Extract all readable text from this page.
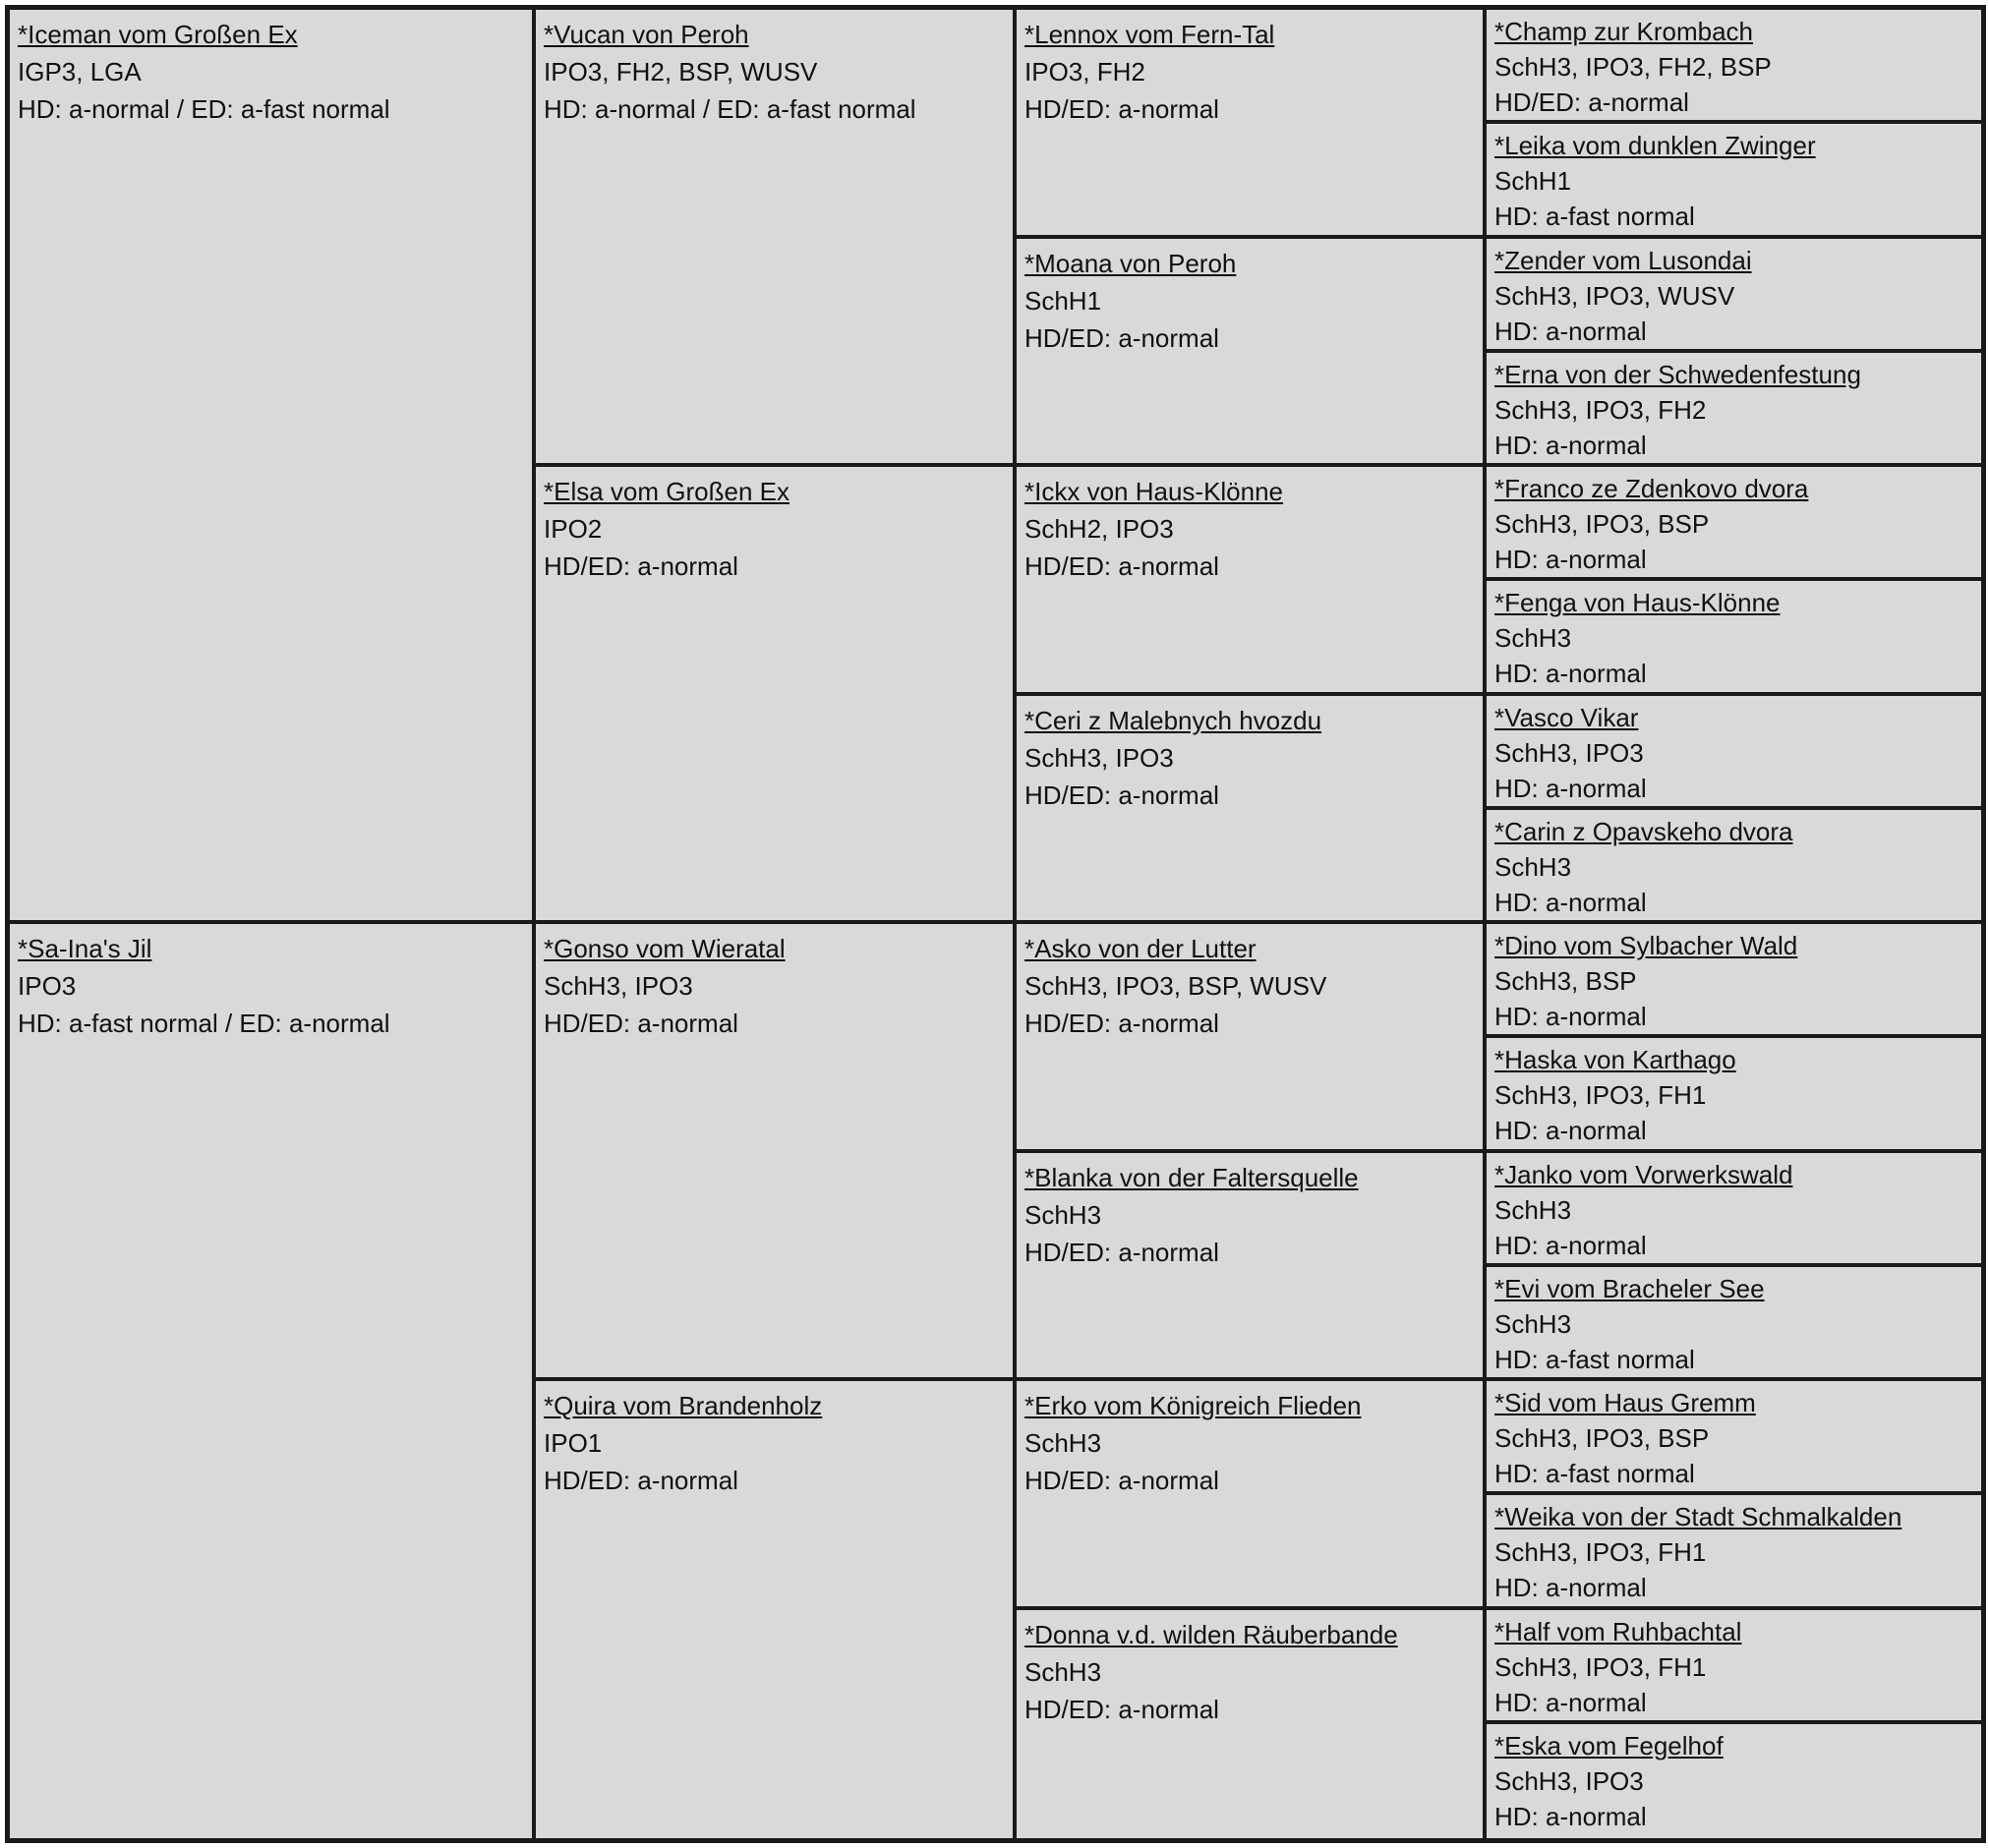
*Iceman vom Großen Ex
IGP3, LGA
HD: a-normal / ED: a-fast normal
*Sa-Ina's Jil
IPO3
HD: a-fast normal / ED: a-normal
*Vucan von Peroh
IPO3, FH2, BSP, WUSV
HD: a-normal / ED: a-fast normal
*Elsa vom Großen Ex
IPO2
HD/ED: a-normal
*Gonso vom Wieratal
SchH3, IPO3
HD/ED: a-normal
*Quira vom Brandenholz
IPO1
HD/ED: a-normal
*Lennox vom Fern-Tal
IPO3, FH2
HD/ED: a-normal
*Moana von Peroh
SchH1
HD/ED: a-normal
*Ickx von Haus-Klönne
SchH2, IPO3
HD/ED: a-normal
*Ceri z Malebnych hvozdu
SchH3, IPO3
HD/ED: a-normal
*Asko von der Lutter
SchH3, IPO3, BSP, WUSV
HD/ED: a-normal
*Blanka von der Faltersquelle
SchH3
HD/ED: a-normal
*Erko vom Königreich Flieden
SchH3
HD/ED: a-normal
*Donna v.d. wilden Räuberbande
SchH3
HD/ED: a-normal
*Champ zur Krombach
SchH3, IPO3, FH2, BSP
HD/ED: a-normal
*Leika vom dunklen Zwinger
SchH1
HD: a-fast normal
*Zender vom Lusondai
SchH3, IPO3, WUSV
HD: a-normal
*Erna von der Schwedenfestung
SchH3, IPO3, FH2
HD: a-normal
*Franco ze Zdenkovo dvora
SchH3, IPO3, BSP
HD: a-normal
*Fenga von Haus-Klönne
SchH3
HD: a-normal
*Vasco Vikar
SchH3, IPO3
HD: a-normal
*Carin z Opavskeho dvora
SchH3
HD: a-normal
*Dino vom Sylbacher Wald
SchH3, BSP
HD: a-normal
*Haska von Karthago
SchH3, IPO3, FH1
HD: a-normal
*Janko vom Vorwerkswald
SchH3
HD: a-normal
*Evi vom Bracheler See
SchH3
HD: a-fast normal
*Sid vom Haus Gremm
SchH3, IPO3, BSP
HD: a-fast normal
*Weika von der Stadt Schmalkalden
SchH3, IPO3, FH1
HD: a-normal
*Half vom Ruhbachtal
SchH3, IPO3, FH1
HD: a-normal
*Eska vom Fegelhof
SchH3, IPO3
HD: a-normal
